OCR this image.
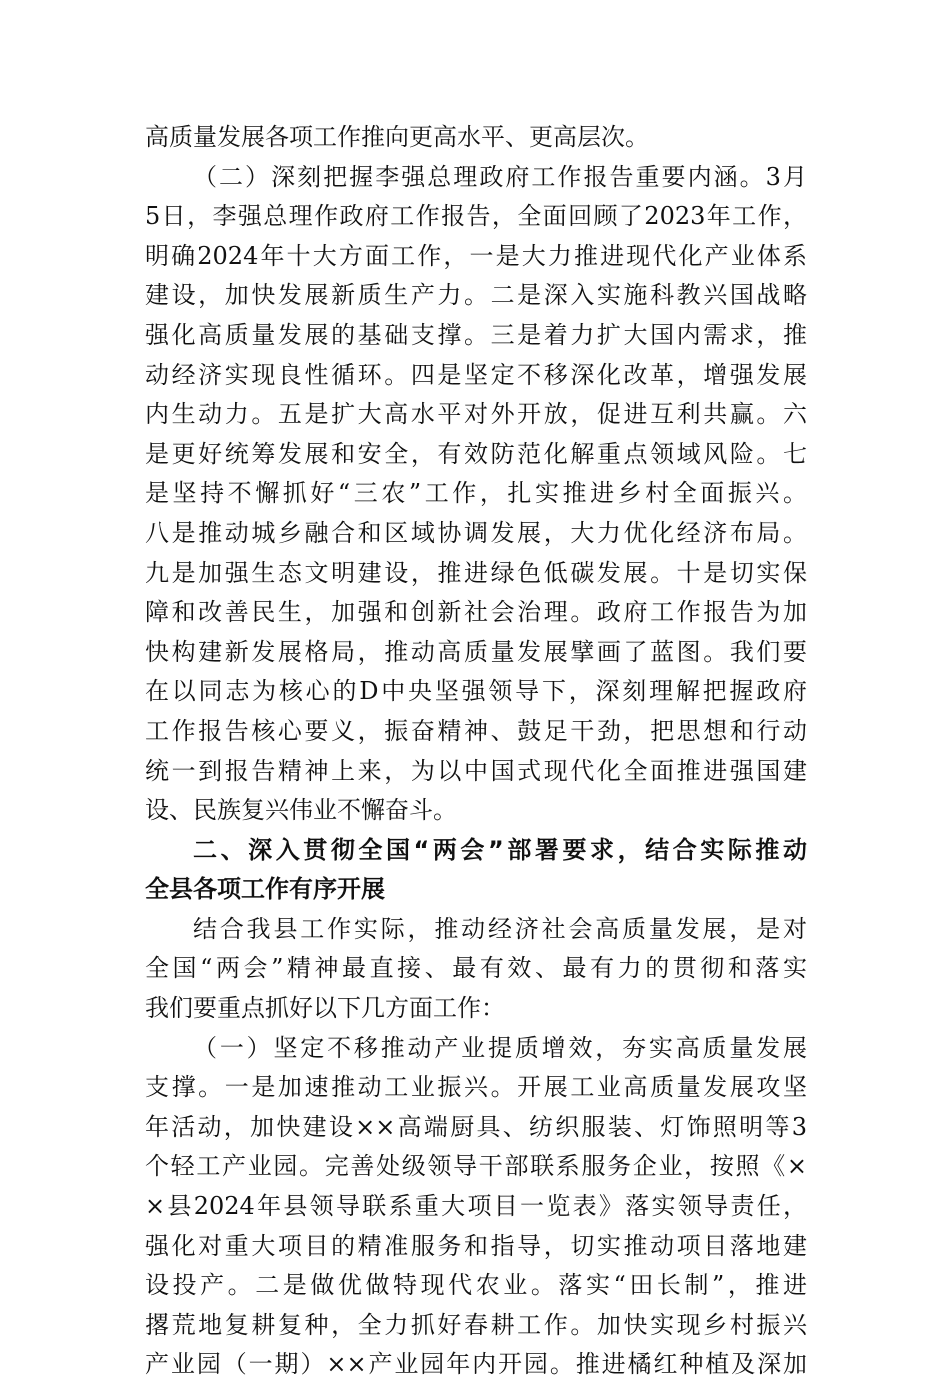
高质量发展各项工作推向更高水平、更高层次。
（二）深刻把握李强总理政府工作报告重要内涵。3月
5日，李强总理作政府工作报告，全面回顾了2023年工作，
明确2024年十大方面工作，一是大力推进现代化产业体系
建设，加快发展新质生产力。二是深入实施科教兴国战略
强化高质量发展的基础支撑。三是着力扩大国内需求，推
动经济实现良性循环。四是坚定不移深化改革，增强发展
内生动力。五是扩大高水平对外开放，促进互利共赢。六
是更好统筹发展和安全，有效防范化解重点领域风险。七
是坚持不懈抓好“三农”工作，扎实推进乡村全面振兴。
八是推动城乡融合和区域协调发展，大力优化经济布局。
九是加强生态文明建设，推进绿色低碳发展。十是切实保
障和改善民生，加强和创新社会治理。政府工作报告为加
快构建新发展格局，推动高质量发展擘画了蓝图。我们要
在以同志为核心的D中央坚强领导下，深刻理解把握政府
工作报告核心要义，振奋精神、鼓足干劲，把思想和行动
统一到报告精神上来，为以中国式现代化全面推进强国建
设、民族复兴伟业不懈奋斗。
二、深入贯彻全国“两会”部署要求，结合实际推动
全县各项工作有序开展
结合我县工作实际，推动经济社会高质量发展，是对
全国“两会”精神最直接、最有效、最有力的贯彻和落实
我们要重点抓好以下几方面工作：
（一）坚定不移推动产业提质增效，夯实高质量发展
支撑。一是加速推动工业振兴。开展工业高质量发展攻坚
年活动，加快建设××高端厨具、纺织服装、灯饰照明等3
个轻工产业园。完善处级领导干部联系服务企业，按照《×
×县2024年县领导联系重大项目一览表》落实领导责任，
强化对重大项目的精准服务和指导，切实推动项目落地建
设投产。二是做优做特现代农业。落实“田长制”，推进
撂荒地复耕复种，全力抓好春耕工作。加快实现乡村振兴
产业园（一期）××产业园年内开园。推进橘红种植及深加
